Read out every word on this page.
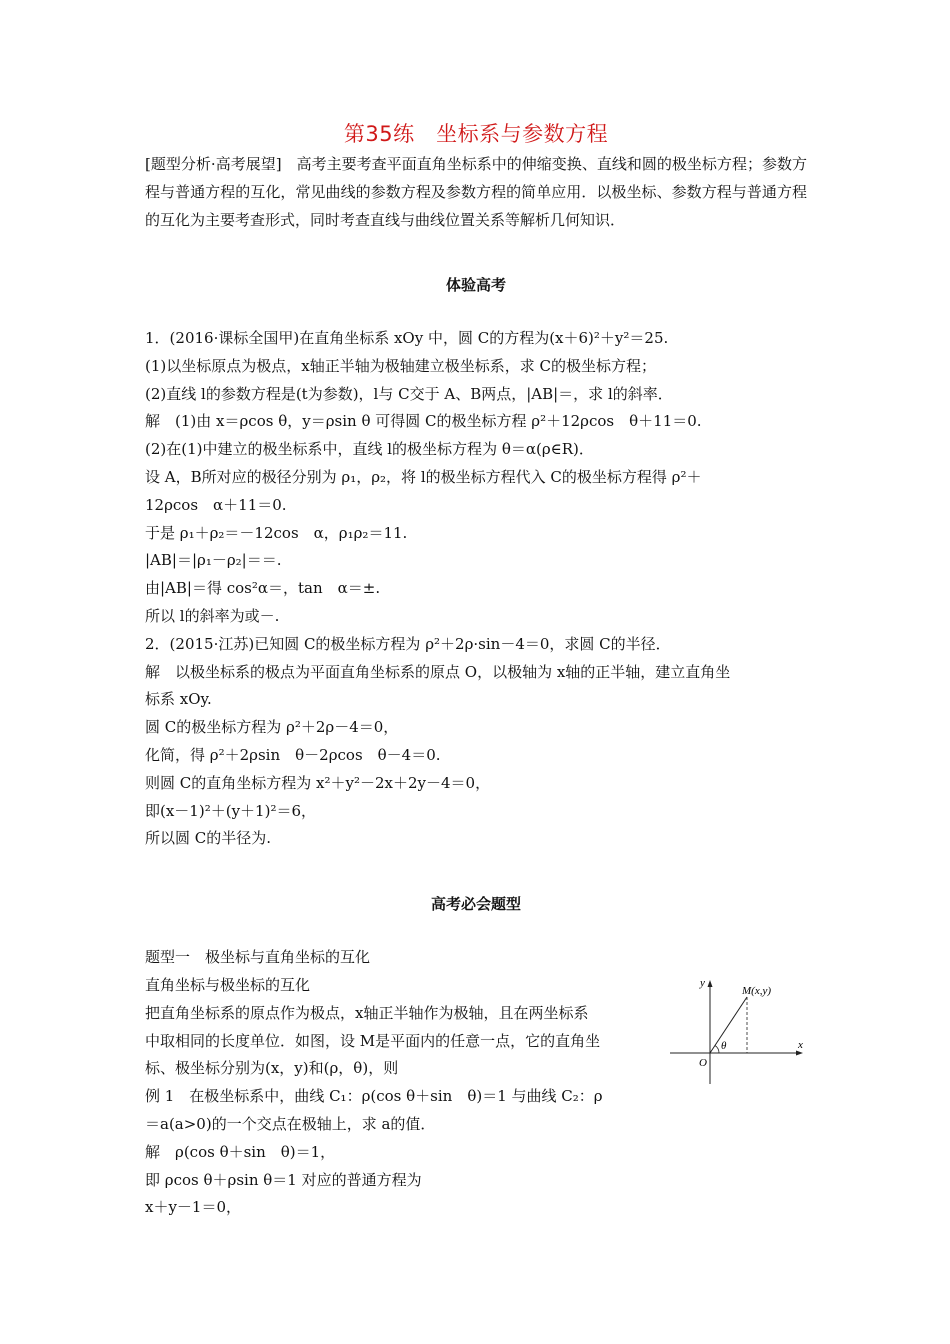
第35练　坐标系与参数方程

[题型分析·高考展望]　高考主要考查平面直角坐标系中的伸缩变换、直线和圆的极坐标方程；参数方程与普通方程的互化，常见曲线的参数方程及参数方程的简单应用．以极坐标、参数方程与普通方程的互化为主要考查形式，同时考查直线与曲线位置关系等解析几何知识．

体验高考

1．(2016·课标全国甲)在直角坐标系 xOy 中，圆 C的方程为(x＋6)²＋y²＝25.

(1)以坐标原点为极点，x轴正半轴为极轴建立极坐标系，求 C的极坐标方程；

(2)直线 l的参数方程是(t为参数)，l与 C交于 A、B两点，|AB|＝，求 l的斜率．

解　(1)由 x＝ρcos θ，y＝ρsin θ 可得圆 C的极坐标方程 ρ²＋12ρcos　θ＋11＝0.

(2)在(1)中建立的极坐标系中，直线 l的极坐标方程为 θ＝α(ρ∈R)．

设 A，B所对应的极径分别为 ρ₁，ρ₂，将 l的极坐标方程代入 C的极坐标方程得 ρ²＋

12ρcos　α＋11＝0.

于是 ρ₁＋ρ₂＝－12cos　α，ρ₁ρ₂＝11.

|AB|＝|ρ₁－ρ₂|＝＝.

由|AB|＝得 cos²α＝，tan　α＝±.

所以 l的斜率为或－.

2．(2015·江苏)已知圆 C的极坐标方程为 ρ²＋2ρ·sin－4＝0，求圆 C的半径．

解　以极坐标系的极点为平面直角坐标系的原点 O，以极轴为 x轴的正半轴，建立直角坐

标系 xOy.

圆 C的极坐标方程为 ρ²＋2ρ－4＝0，

化简，得 ρ²＋2ρsin　θ－2ρcos　θ－4＝0.

则圆 C的直角坐标方程为 x²＋y²－2x＋2y－4＝0，

即(x－1)²＋(y＋1)²＝6，

所以圆 C的半径为.

高考必会题型

题型一　极坐标与直角坐标的互化

直角坐标与极坐标的互化

把直角坐标系的原点作为极点，x轴正半轴作为极轴，且在两坐标系

中取相同的长度单位．如图，设 M是平面内的任意一点，它的直角坐

标、极坐标分别为(x，y)和(ρ，θ)，则

例 1　在极坐标系中，曲线 C₁：ρ(cos θ＋sin　θ)＝1 与曲线 C₂：ρ

＝a(a>0)的一个交点在极轴上，求 a的值．

解　ρ(cos θ＋sin　θ)＝1，

即 ρcos θ＋ρsin θ＝1 对应的普通方程为

x＋y－1＝0，

y
x
O
M(x,y)
θ
